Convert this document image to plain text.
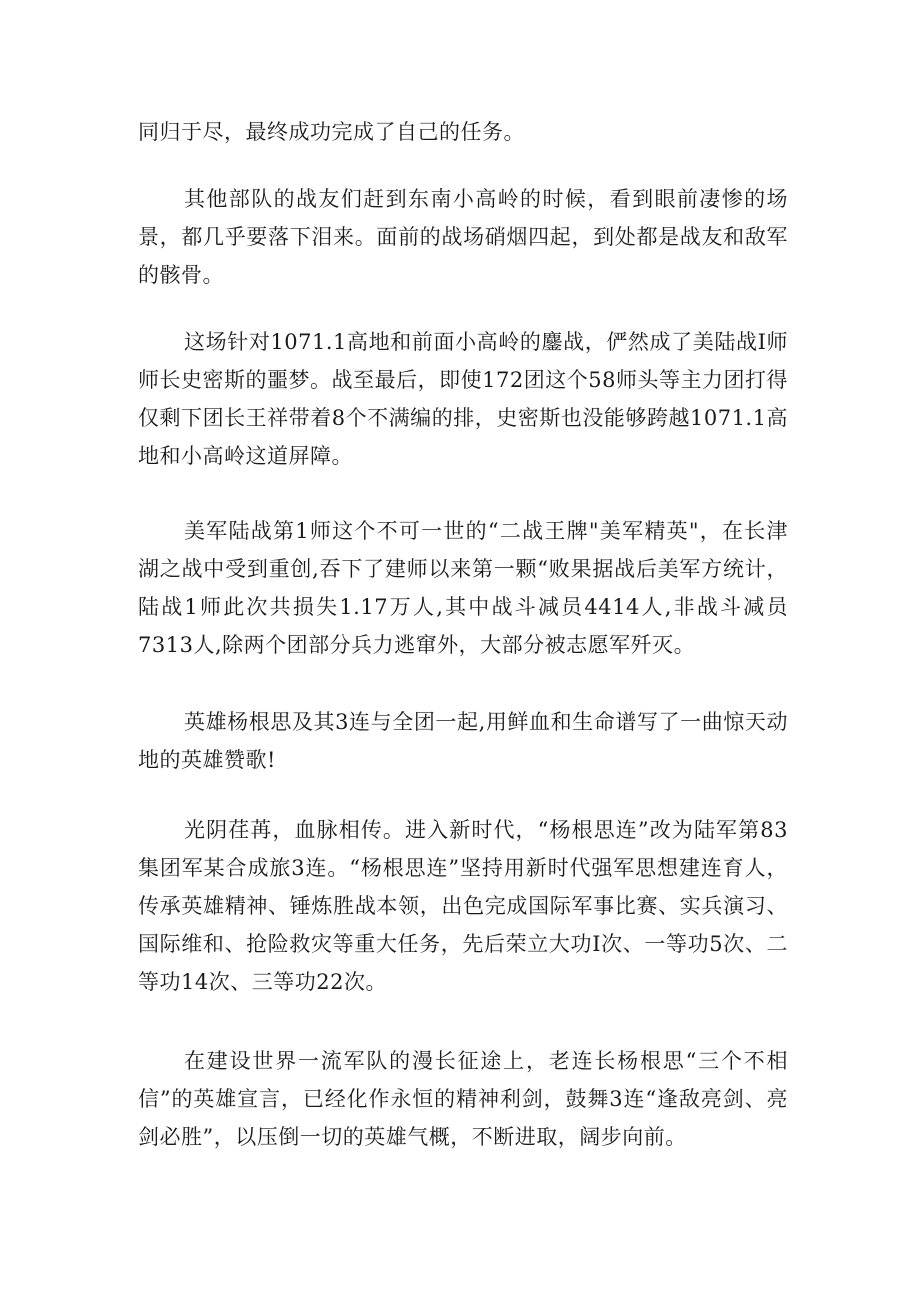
同归于尽，最终成功完成了自己的任务。

其他部队的战友们赶到东南小高岭的时候，看到眼前凄惨的场景，都几乎要落下泪来。面前的战场硝烟四起，到处都是战友和敌军的骸骨。

这场针对1071.1高地和前面小高岭的鏖战，俨然成了美陆战I师师长史密斯的噩梦。战至最后，即使172团这个58师头等主力团打得仅剩下团长王祥带着8个不满编的排，史密斯也没能够跨越1071.1高地和小高岭这道屏障。

美军陆战第1师这个不可一世的“二战王牌"美军精英"，在长津湖之战中受到重创,吞下了建师以来第一颗“败果据战后美军方统计，陆战1师此次共损失1.17万人,其中战斗减员4414人,非战斗减员7313人,除两个团部分兵力逃窜外，大部分被志愿军歼灭。

英雄杨根思及其3连与全团一起,用鲜血和生命谱写了一曲惊天动地的英雄赞歌!

光阴荏苒，血脉相传。进入新时代，“杨根思连”改为陆军第83集团军某合成旅3连。“杨根思连”坚持用新时代强军思想建连育人，传承英雄精神、锤炼胜战本领，出色完成国际军事比赛、实兵演习、国际维和、抢险救灾等重大任务，先后荣立大功I次、一等功5次、二等功14次、三等功22次。

在建设世界一流军队的漫长征途上，老连长杨根思“三个不相信”的英雄宣言，已经化作永恒的精神利剑，鼓舞3连“逢敌亮剑、亮剑必胜”，以压倒一切的英雄气概，不断进取，阔步向前。
